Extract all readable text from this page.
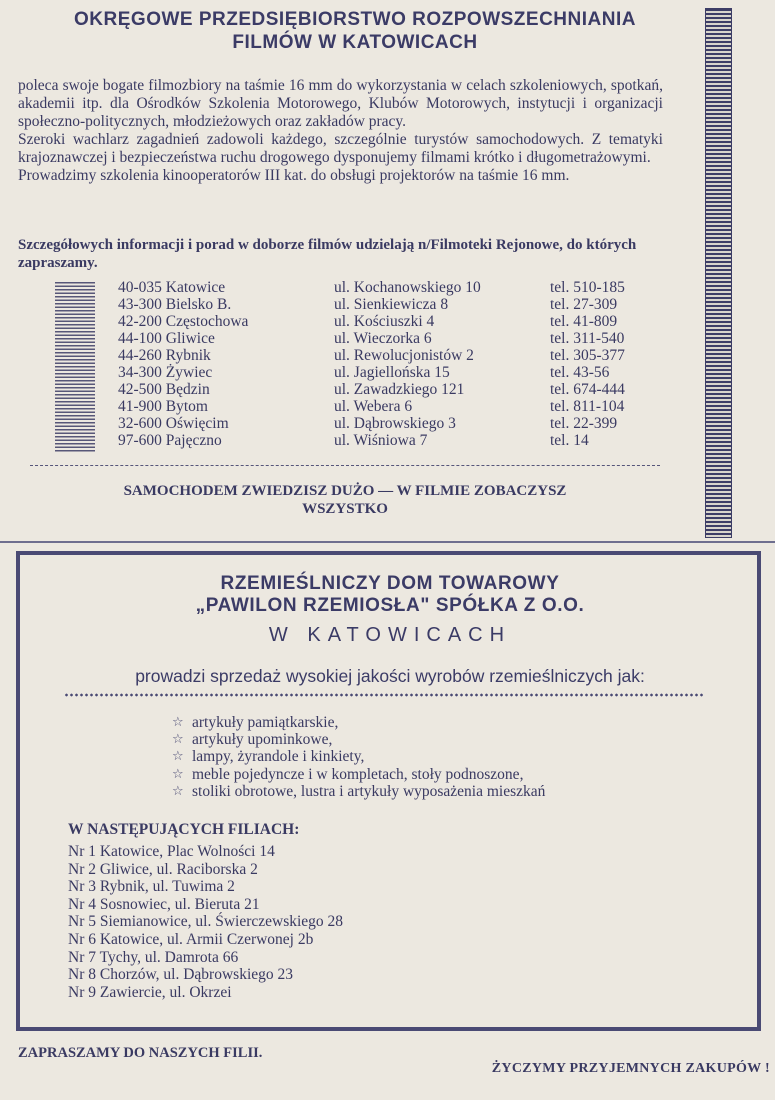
OKRĘGOWE PRZEDSIĘBIORSTWO ROZPOWSZECHNIANIA
FILMÓW W KATOWICACH

poleca swoje bogate filmozbiory na taśmie 16 mm do wykorzystania w celach szkoleniowych, spotkań, akademii itp. dla Ośrodków Szkolenia Motorowego, Klubów Motorowych, instytucji i organizacji społeczno-politycznych, młodzieżowych oraz zakładów pracy.

Szeroki wachlarz zagadnień zadowoli każdego, szczególnie turystów samochodowych. Z tematyki krajoznawczej i bezpieczeństwa ruchu drogowego dysponujemy filmami krótko i długometrażowymi.

Prowadzimy szkolenia kinooperatorów III kat. do obsługi projektorów na taśmie 16 mm.

Szczegółowych informacji i porad w doborze filmów udzielają n/Filmoteki Rejonowe, do których zapraszamy.
40-035 Katowice	ul. Kochanowskiego 10	tel. 510-185
43-300 Bielsko B.	ul. Sienkiewicza 8	tel. 27-309
42-200 Częstochowa	ul. Kościuszki 4	tel. 41-809
44-100 Gliwice	ul. Wieczorka 6	tel. 311-540
44-260 Rybnik	ul. Rewolucjonistów 2	tel. 305-377
34-300 Żywiec	ul. Jagiellońska 15	tel. 43-56
42-500 Będzin	ul. Zawadzkiego 121	tel. 674-444
41-900 Bytom	ul. Webera 6	tel. 811-104
32-600 Oświęcim	ul. Dąbrowskiego 3	tel. 22-399
97-600 Pajęczno	ul. Wiśniowa 7	tel. 14
SAMOCHODEM ZWIEDZISZ DUŻO — W FILMIE ZOBACZYSZ
WSZYSTKO
RZEMIEŚLNICZY DOM TOWAROWY
„PAWILON RZEMIOSŁA" SPÓŁKA Z O.O.
W KATOWICACH
prowadzi sprzedaż wysokiej jakości wyrobów rzemieślniczych jak:
☆ artykuły pamiątkarskie,
☆ artykuły upominkowe,
☆ lampy, żyrandole i kinkiety,
☆ meble pojedyncze i w kompletach, stoły podnoszone,
☆ stoliki obrotowe, lustra i artykuły wyposażenia mieszkań
W NASTĘPUJĄCYCH FILIACH:
Nr 1 Katowice, Plac Wolności 14
Nr 2 Gliwice, ul. Raciborska 2
Nr 3 Rybnik, ul. Tuwima 2
Nr 4 Sosnowiec, ul. Bieruta 21
Nr 5 Siemianowice, ul. Świerczewskiego 28
Nr 6 Katowice, ul. Armii Czerwonej 2b
Nr 7 Tychy, ul. Damrota 66
Nr 8 Chorzów, ul. Dąbrowskiego 23
Nr 9 Zawiercie, ul. Okrzei
ZAPRASZAMY DO NASZYCH FILII.
ŻYCZYMY PRZYJEMNYCH ZAKUPÓW !
